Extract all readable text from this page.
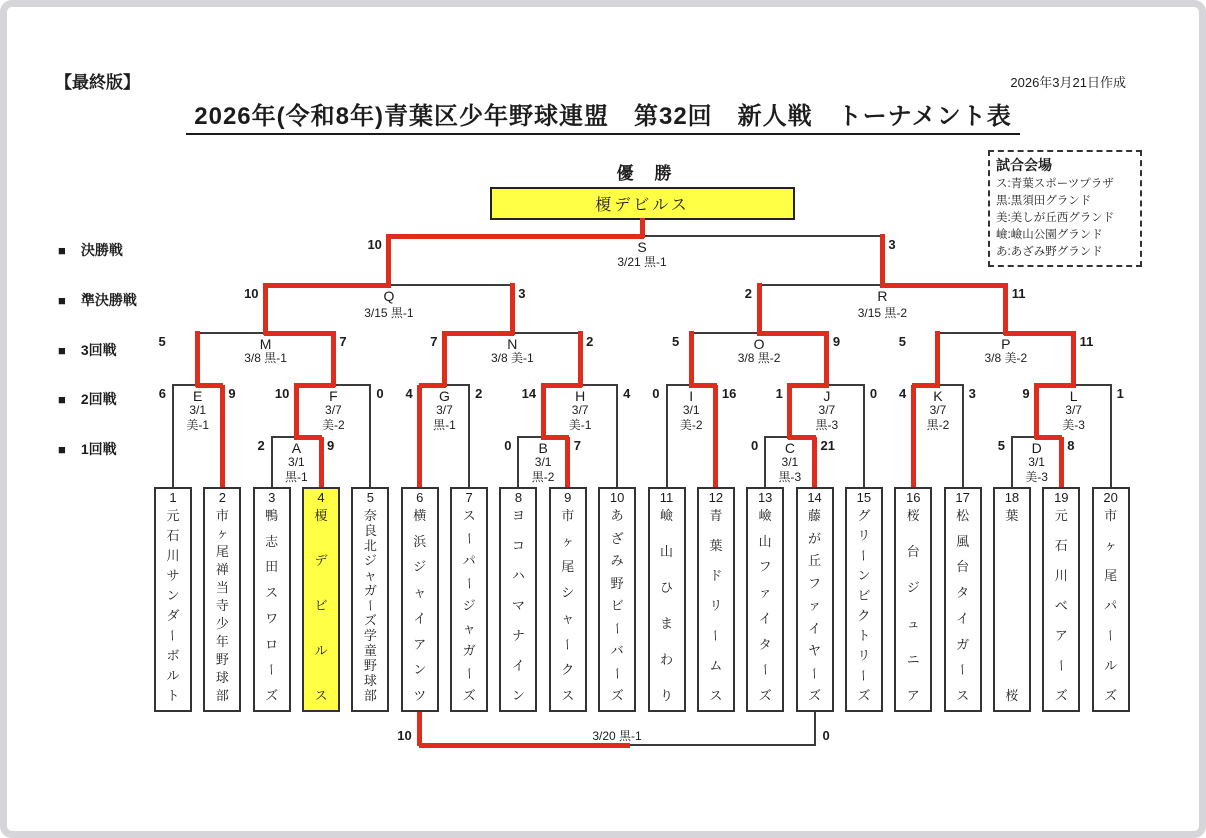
【最終版】	2026年3月21日作成
2026年(令和8年)青葉区少年野球連盟　第32回　新人戦　トーナメント表
優　勝
榎デビルス
試合会場
ス:青葉スポーツプラザ
黒:黒須田グランド
美:美しが丘西グランド
嶮:嶮山公園グランド
あ:あざみ野グランド
■ 決勝戦
■ 準決勝戦
■ 3回戦
■ 2回戦
■ 1回戦	2	9
A
3/1
黒-1
0	7
B
3/1
黒-2
0	21
C
3/1
黒-3
5	8
D
3/1
美-3
6	9
E
3/1
美-1
10	0
F
3/7
美-2
4	2
G
3/7
黒-1
14	4
H
3/7
美-1
0	16
I
3/1
美-2
1	0
J
3/7
黒-3
4	3
K
3/7
黒-2
9	1
L
3/7
美-3
5	7
M
3/8 黒-1
7	2
N
3/8 美-1
5	9
O
3/8 黒-2
5	11
P
3/8 美-2
10	3
Q
3/15 黒-1
2	11
R
3/15 黒-2
10	3
S
3/21 黒-1
1
元
石
川
サ
ン
ダ
ー
ボ
ル
ト
2
市
ヶ
尾
禅
当
寺
少
年
野
球
部
3
鴨
志
田
ス
ワ
ロ
ー
ズ
4
榎
デ
ビ
ル
ス
5
奈
良
北
ジ
ャ
ガ
ー
ズ
学
童
野
球
部
6
横
浜
ジ
ャ
イ
ア
ン
ツ
7
ス
ー
パ
ー
ジ
ャ
ガ
ー
ズ
8
ヨ
コ
ハ
マ
ナ
イ
ン
9
市
ヶ
尾
シ
ャ
ー
ク
ス
10
あ
ざ
み
野
ビ
ー
バ
ー
ズ
11
嶮
山
ひ
ま
わ
り
12
青
葉
ド
リ
ー
ム
ス
13
嶮
山
フ
ァ
イ
タ
ー
ズ
14
藤
が
丘
フ
ァ
イ
ヤ
ー
ズ
15
グ
リ
ー
ン
ビ
ク
ト
リ
ー
ズ
16
桜
台
ジ
ュ
ニ
ア
17
松
風
台
タ
イ
ガ
ー
ス
18
葉
桜
19
元
石
川
ベ
ア
ー
ズ
20
市
ヶ
尾
パ
ー
ル
ズ
10	0
3/20 黒-1
